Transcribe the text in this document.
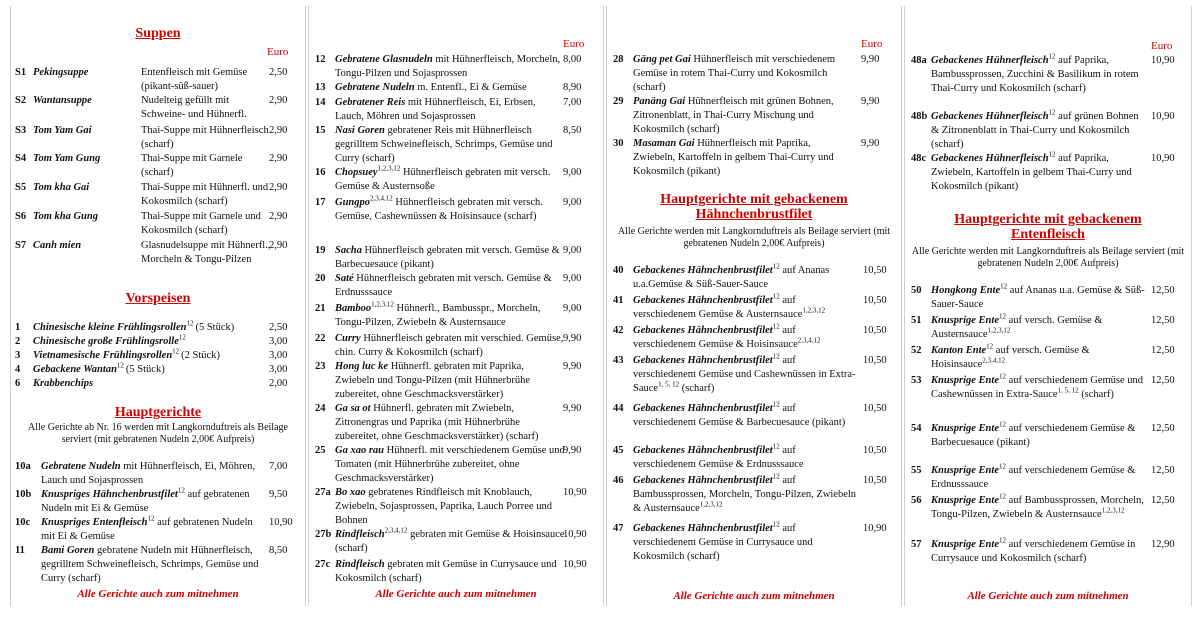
Suppen
Euro
S1 Pekingsuppe	Entenfleisch mit Gemüse (pikant-süß-sauer)
2,50
S2 Wantansuppe	Nudelteig gefüllt mit Schweine- und Hühnerfl.
2,90
S3 Tom Yam Gai	Thai-Suppe mit Hühnerfleisch (scharf)
2,90
S4 Tom Yam Gung	Thai-Suppe mit Garnele (scharf)
2,90
S5 Tom kha Gai	Thai-Suppe mit Hühnerfl. und Kokosmilch (scharf)
2,90
S6 Tom kha Gung	Thai-Suppe mit Garnele und Kokosmilch (scharf)
2,90
S7 Canh mien	Glasnudelsuppe mit Hühnerfl., Morcheln & Tongu-Pilzen
2,90
Vorspeisen
1 Chinesische kleine Frühlingsrollen$^{12}$ (5 Stück)	2,50
2 Chinesische große Frühlingsrolle$^{12}$	3,00
3 Vietnamesische Frühlingsrollen$^{12}$ (2 Stück)	3,00
4 Gebackene Wantan$^{12}$ (5 Stück)	3,00
6 Krabbenchips	2,00
Hauptgerichte
Alle Gerichte ab Nr. 16 werden mit Langkornduftreis als Beilage serviert (mit gebratenen Nudeln 2,00€ Aufpreis)
10a Gebratene Nudeln mit Hühnerfleisch, Ei, Möhren, Lauch und Sojasprossen
7,00
10b Knuspriges Hähnchenbrustfilet$^{12}$ auf gebratenen Nudeln mit Ei & Gemüse
9,50
10c Knuspriges Entenfleisch$^{12}$ auf gebratenen Nudeln mit Ei & Gemüse
10,90
11 Bami Goren gebratene Nudeln mit Hühnerfleisch, gegrilltem Schweinefleisch, Schrimps, Gemüse und Curry (scharf)
8,50
Alle Gerichte auch zum mitnehmen
Euro
12 Gebratene Glasnudeln mit Hühnerfleisch, Morcheln, Tongu-Pilzen und Sojasprossen
8,00
13 Gebratene Nudeln m. Entenfl., Ei & Gemüse	8,90
14 Gebratener Reis mit Hühnerfleisch, Ei, Erbsen, Lauch, Möhren und Sojasprossen
7,00
15 Nasi Goren gebratener Reis mit Hühnerfleisch gegrilltem Schweinefleisch, Schrimps, Gemüse und Curry (scharf)
8,50
16 Chopsuey$^{1,2,3,12}$ Hühnerfleisch gebraten mit versch. Gemüse & Austernsoße
9,00
17 Gungpo$^{2,3,4,12}$ Hühnerfleisch gebraten mit versch. Gemüse, Cashewnüssen & Hoisinsauce (scharf)
9,00
19 Sacha Hühnerfleisch gebraten mit versch. Gemüse & Barbecuesauce (pikant)
9,00
20 Saté Hühnerfleisch gebraten mit versch. Gemüse & Erdnusssauce
9,00
21 Bamboo$^{1,2,3,12}$ Hühnerfl., Bambusspr., Morcheln, Tongu-Pilzen, Zwiebeln & Austernsauce
9,00
22 Curry Hühnerfleisch gebraten mit verschied. Gemüse, chin. Curry & Kokosmilch (scharf)
9,90
23 Hong luc ke Hühnerfl. gebraten mit Paprika, Zwiebeln und Tongu-Pilzen (mit Hühnerbrühe zubereitet, ohne Geschmacksverstärker)
9,90
24 Ga sa ot Hühnerfl. gebraten mit Zwiebeln, Zitronengras und Paprika (mit Hühnerbrühe zubereitet, ohne Geschmacksverstärker) (scharf)
9,90
25 Ga xao rau Hühnerfl. mit verschiedenem Gemüse und Tomaten (mit Hühnerbrühe zubereitet, ohne Geschmacksverstärker)
9,90
27a Bo xao gebratenes Rindfleisch mit Knoblauch, Zwiebeln, Sojasprossen, Paprika, Lauch Porree und Bohnen
10,90
27b Rindfleisch$^{2,3,4,12}$ gebraten mit Gemüse & Hoisinsauce (scharf)
10,90
27c Rindfleisch gebraten mit Gemüse in Currysauce und Kokosmilch (scharf)
10,90
Alle Gerichte auch zum mitnehmen
Euro
28 Gäng pet Gai Hühnerfleisch mit verschiedenem Gemüse in rotem Thai-Curry und Kokosmilch (scharf)
9,90
29 Panäng Gai Hühnerfleisch mit grünen Bohnen, Zitronenblatt, in Thai-Curry Mischung und Kokosmilch (scharf)
9,90
30 Masaman Gai Hühnerfleisch mit Paprika, Zwiebeln, Kartoffeln in gelbem Thai-Curry und Kokosmilch (pikant)
9,90
Hauptgerichte mit gebackenem Hähnchenbrustfilet
Alle Gerichte werden mit Langkornduftreis als Beilage serviert (mit gebratenen Nudeln 2,00€ Aufpreis)
40 Gebackenes Hähnchenbrustfilet$^{12}$ auf Ananas u.a.Gemüse & Süß-Sauer-Sauce
10,50
41 Gebackenes Hähnchenbrustfilet$^{12}$ auf verschiedenem Gemüse & Austernsauce$^{1,2,3,12}$
10,50
42 Gebackenes Hähnchenbrustfilet$^{12}$ auf verschiedenem Gemüse & Hoisinsauce$^{2,3,4,12}$
10,50
43 Gebackenes Hähnchenbrustfilet$^{12}$ auf verschiedenem Gemüse und Cashewnüssen in Extra-Sauce$^{1, 5, 12}$ (scharf)
10,50
44 Gebackenes Hähnchenbrustfilet$^{12}$ auf verschiedenem Gemüse & Barbecuesauce (pikant)
10,50
45 Gebackenes Hähnchenbrustfilet$^{12}$ auf verschiedenem Gemüse & Erdnusssauce
10,50
46 Gebackenes Hähnchenbrustfilet$^{12}$ auf Bambussprossen, Morcheln, Tongu-Pilzen, Zwiebeln & Austernsauce$^{1,2,3,12}$
10,50
47 Gebackenes Hähnchenbrustfilet$^{12}$ auf verschiedenem Gemüse in Currysauce und Kokosmilch (scharf)
10,90
Alle Gerichte auch zum mitnehmen
Euro
48a Gebackenes Hühnerfleisch$^{12}$ auf Paprika, Bambussprossen, Zucchini & Basilikum in rotem Thai-Curry und Kokosmilch (scharf)
10,90
48b Gebackenes Hühnerfleisch$^{12}$ auf grünen Bohnen & Zitronenblatt in Thai-Curry und Kokosmilch (scharf)
10,90
48c Gebackenes Hühnerfleisch$^{12}$ auf Paprika, Zwiebeln, Kartoffeln in gelbem Thai-Curry und Kokosmilch (pikant)
10,90
Hauptgerichte mit gebackenem Entenfleisch
Alle Gerichte werden mit Langkornduftreis als Beilage serviert (mit gebratenen Nudeln 2,00€ Aufpreis)
50 Hongkong Ente$^{12}$ auf Ananas u.a. Gemüse & Süß-Sauer-Sauce
12,50
51 Knusprige Ente$^{12}$ auf versch. Gemüse & Austernsauce$^{1,2,3,12}$
12,50
52 Kanton Ente$^{12}$ auf versch. Gemüse & Hoisinsauce$^{2,3,4,12}$
12,50
53 Knusprige Ente$^{12}$ auf verschiedenem Gemüse und Cashewnüssen in Extra-Sauce$^{1, 5, 12}$ (scharf)
12,50
54 Knusprige Ente$^{12}$ auf verschiedenem Gemüse & Barbecuesauce (pikant)
12,50
55 Knusprige Ente$^{12}$ auf verschiedenem Gemüse & Erdnusssauce
12,50
56 Knusprige Ente$^{12}$ auf Bambussprossen, Morcheln, Tongu-Pilzen, Zwiebeln & Austernsauce$^{1,2,3,12}$
12,50
57 Knusprige Ente$^{12}$ auf verschiedenem Gemüse in Currysauce und Kokosmilch (scharf)
12,90
Alle Gerichte auch zum mitnehmen
